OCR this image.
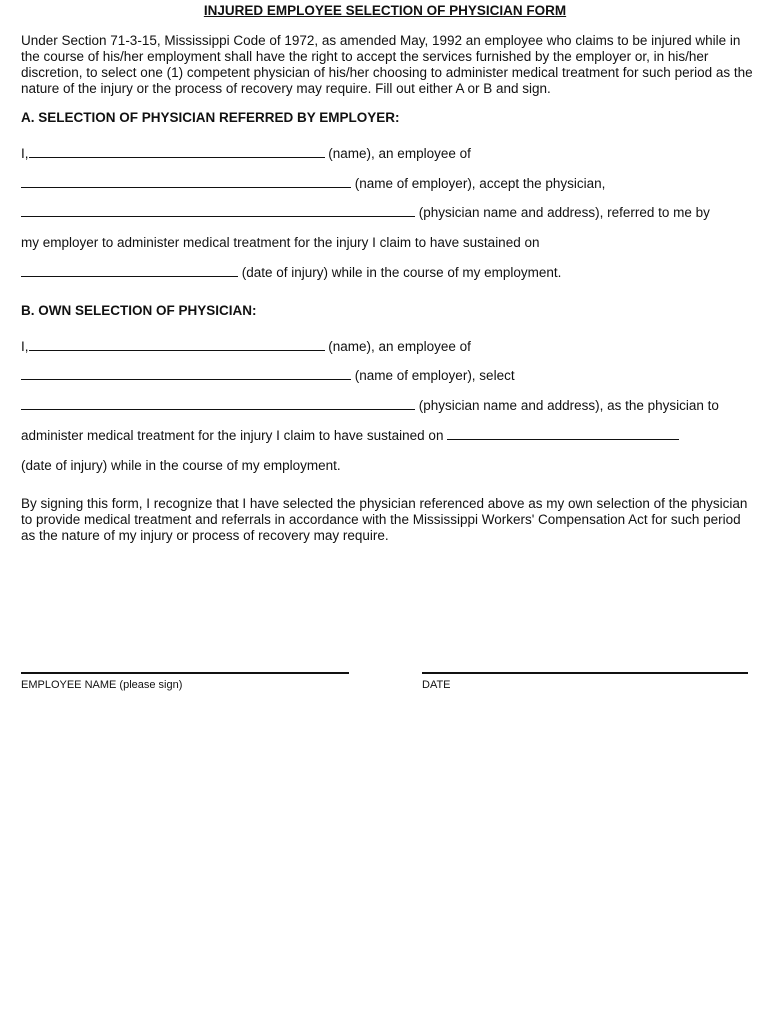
INJURED EMPLOYEE SELECTION OF PHYSICIAN FORM

Under Section 71-3-15, Mississippi Code of 1972, as amended May, 1992 an employee who claims to be injured while in the course of his/her employment shall have the right to accept the services furnished by the employer or, in his/her discretion, to select one (1) competent physician of his/her choosing to administer medical treatment for such period as the nature of the injury or the process of recovery may require. Fill out either A or B and sign.

A. SELECTION OF PHYSICIAN REFERRED BY EMPLOYER:
I,	(name), an employee of
(name of employer), accept the physician,
(physician name and address), referred to me by
my employer to administer medical treatment for the injury I claim to have sustained on
(date of injury) while in the course of my employment.
B. OWN SELECTION OF PHYSICIAN:
I,	(name), an employee of
(name of employer), select
(physician name and address), as the physician to
administer medical treatment for the injury I claim to have sustained on
(date of injury) while in the course of my employment.

By signing this form, I recognize that I have selected the physician referenced above as my own selection of the physician to provide medical treatment and referrals in accordance with the Mississippi Workers' Compensation Act for such period as the nature of my injury or process of recovery may require.

EMPLOYEE NAME (please sign)	DATE
